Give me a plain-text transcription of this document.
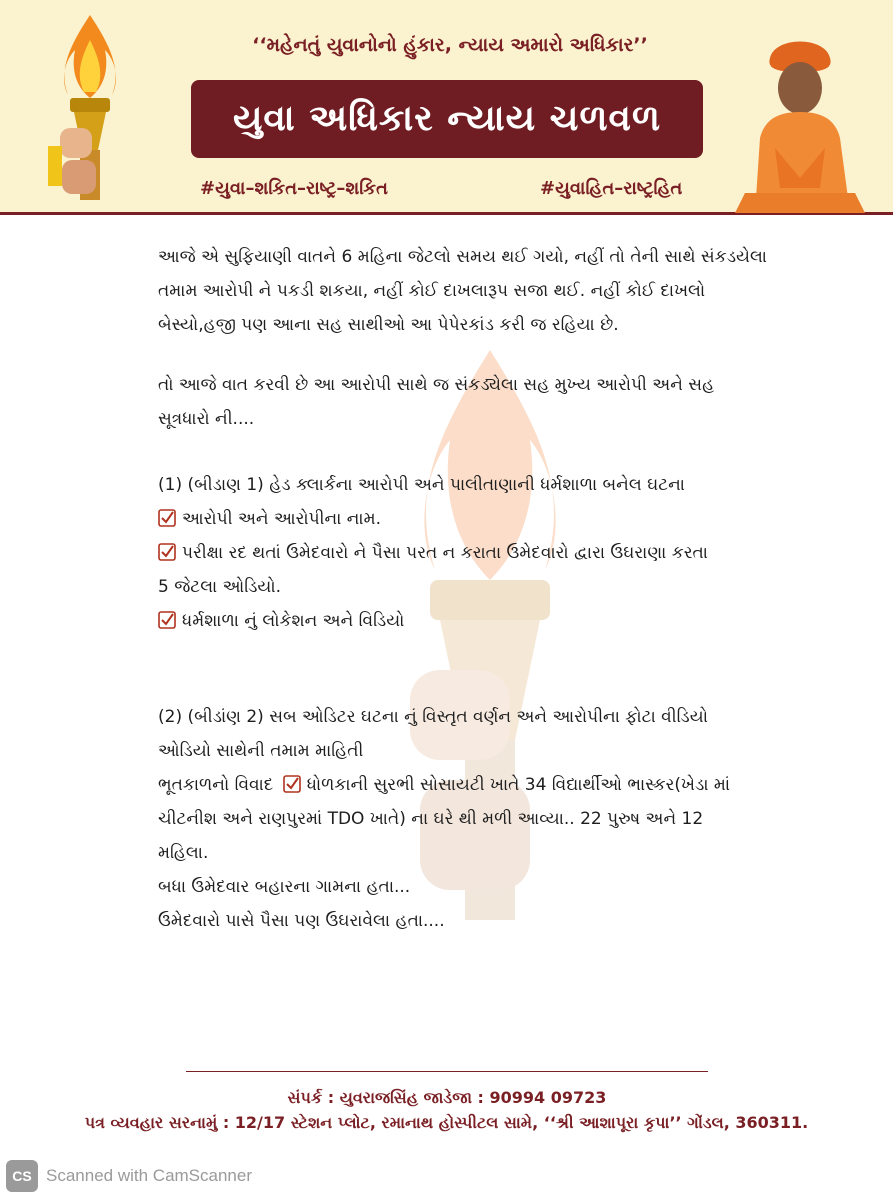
‘‘મહેનતું યુવાનોનો હુંકાર, ન્યાય અમારો અધિકાર’’
યુવા અધિકાર ન્યાય ચળવળ
#યુવા–શકિત–રાષ્ટ્ર–શકિત	#યુવાહિત–રાષ્ટ્રહિત

આજે એ સુફિયાણી વાતને 6 મહિના જેટલો સમય થઈ ગયો, નહીં તો તેની સાથે સંકડયેલા

તમામ આરોપી ને પકડી શકયા, નહીં કોઈ દાખલારૂપ સજા થઈ. નહીં કોઈ દાખલો

બેસ્યો,હજી પણ આના સહ સાથીઓ આ પેપેરકાંડ કરી જ રહિયા છે.

તો આજે વાત કરવી છે આ આરોપી સાથે જ સંકડ્યેલા સહ મુખ્ય આરોપી અને સહ

સૂત્રધારો ની....

(1) (બીડાણ 1) હેડ ક્લાર્કના આરોપી અને પાલીતાણાની ધર્મશાળા બનેલ ઘટના

આરોપી અને આરોપીના નામ.

પરીક્ષા રદ થતાં ઉમેદવારો ને પૈસા પરત ન કરાતા ઉમેદવારો દ્વારા ઉઘરાણા કરતા

5 જેટલા ઓડિયો.

ધર્મશાળા નું લોકેશન અને વિડિયો

(2) (બીડાંણ 2) સબ ઓડિટર ઘટના નું વિસ્તૃત વર્ણન અને આરોપીના ફોટા વીડિયો

ઓડિયો સાથેની તમામ માહિતી

ભૂતકાળનો વિવાદ ધોળકાની સુરભી સોસાયટી ખાતે 34 વિદ્યાર્થીઓ ભાસ્કર(ખેડા માં

ચીટનીશ અને રાણપુરમાં TDO ખાતે) ના ઘરે થી મળી આવ્યા.. 22 પુરુષ અને 12

મહિલા.

બધા ઉમેદવાર બહારના ગામના હતા...

ઉમેદવારો પાસે પૈસા પણ ઉઘરાવેલા હતા....

સંપર્ક : યુવરાજસિંહ જાડેજા : 90994 09723
પત્ર વ્યવહાર સરનામું : 12/17 સ્ટેશન પ્લોટ, રમાનાથ હોસ્પીટલ સામે, ‘‘શ્રી આશાપૂરા કૃપા’’ ગોંડલ, 360311.
CS Scanned with CamScanner
